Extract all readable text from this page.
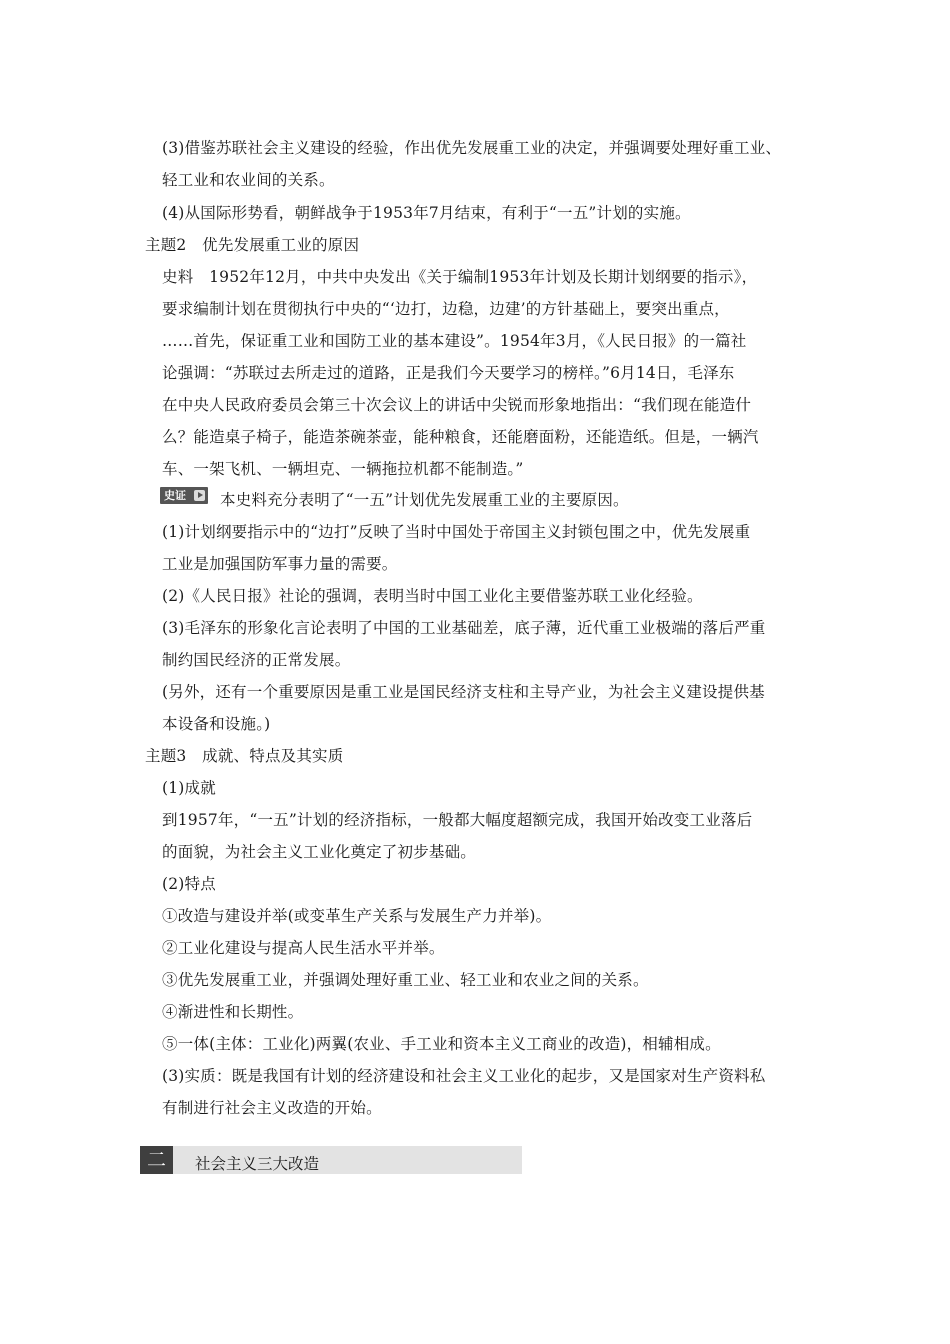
(3)借鉴苏联社会主义建设的经验，作出优先发展重工业的决定，并强调要处理好重工业、
轻工业和农业间的关系。
(4)从国际形势看，朝鲜战争于1953年7月结束，有利于“一五”计划的实施。
主题2　优先发展重工业的原因
史料　1952年12月，中共中央发出《关于编制1953年计划及长期计划纲要的指示》，
要求编制计划在贯彻执行中央的“‘边打，边稳，边建’的方针基础上，要突出重点，
……首先，保证重工业和国防工业的基本建设”。1954年3月，《人民日报》的一篇社
论强调：“苏联过去所走过的道路，正是我们今天要学习的榜样。”6月14日，毛泽东
在中央人民政府委员会第三十次会议上的讲话中尖锐而形象地指出：“我们现在能造什
么？能造桌子椅子，能造茶碗茶壶，能种粮食，还能磨面粉，还能造纸。但是，一辆汽
车、一架飞机、一辆坦克、一辆拖拉机都不能制造。”
史证	本史料充分表明了“一五”计划优先发展重工业的主要原因。
(1)计划纲要指示中的“边打”反映了当时中国处于帝国主义封锁包围之中，优先发展重
工业是加强国防军事力量的需要。
(2)《人民日报》社论的强调，表明当时中国工业化主要借鉴苏联工业化经验。
(3)毛泽东的形象化言论表明了中国的工业基础差，底子薄，近代重工业极端的落后严重
制约国民经济的正常发展。
(另外，还有一个重要原因是重工业是国民经济支柱和主导产业，为社会主义建设提供基
本设备和设施。)
主题3　成就、特点及其实质
(1)成就
到1957年，“一五”计划的经济指标，一般都大幅度超额完成，我国开始改变工业落后
的面貌，为社会主义工业化奠定了初步基础。
(2)特点
①改造与建设并举(或变革生产关系与发展生产力并举)。
②工业化建设与提高人民生活水平并举。
③优先发展重工业，并强调处理好重工业、轻工业和农业之间的关系。
④渐进性和长期性。
⑤一体(主体：工业化)两翼(农业、手工业和资本主义工商业的改造)，相辅相成。
(3)实质：既是我国有计划的经济建设和社会主义工业化的起步，又是国家对生产资料私
有制进行社会主义改造的开始。
二	社会主义三大改造
